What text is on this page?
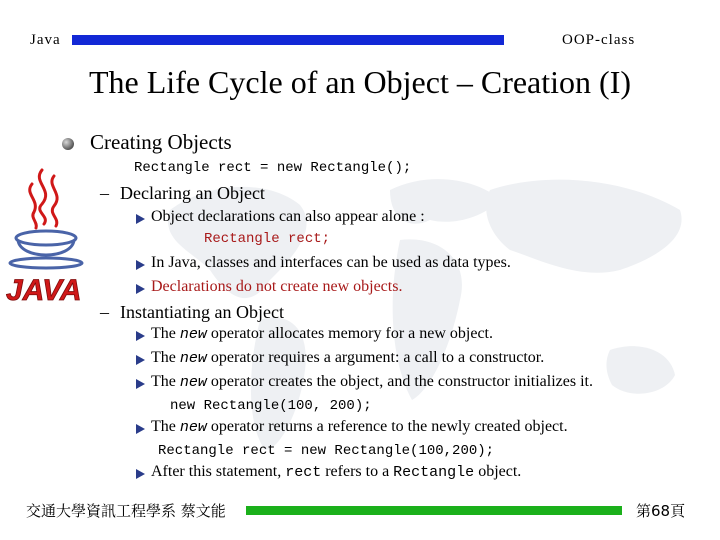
Java	OOP-class
The Life Cycle of an Object – Creation (I)
JAVA
Creating Objects
Rectangle rect = new Rectangle();
– Declaring an Object
Object declarations can also appear alone :
Rectangle rect;
In Java, classes and interfaces can be used as data types.
Declarations do not create new objects.
– Instantiating an Object
The new operator allocates memory for a new object.
The new operator requires a argument: a call to a constructor.
The new operator creates the object, and the constructor initializes it.
new Rectangle(100, 200);
The new operator returns a reference to the newly created object.
Rectangle rect = new Rectangle(100,200);
After this statement, rect refers to a Rectangle object.
交通大學資訊工程學系 蔡文能	第68頁
